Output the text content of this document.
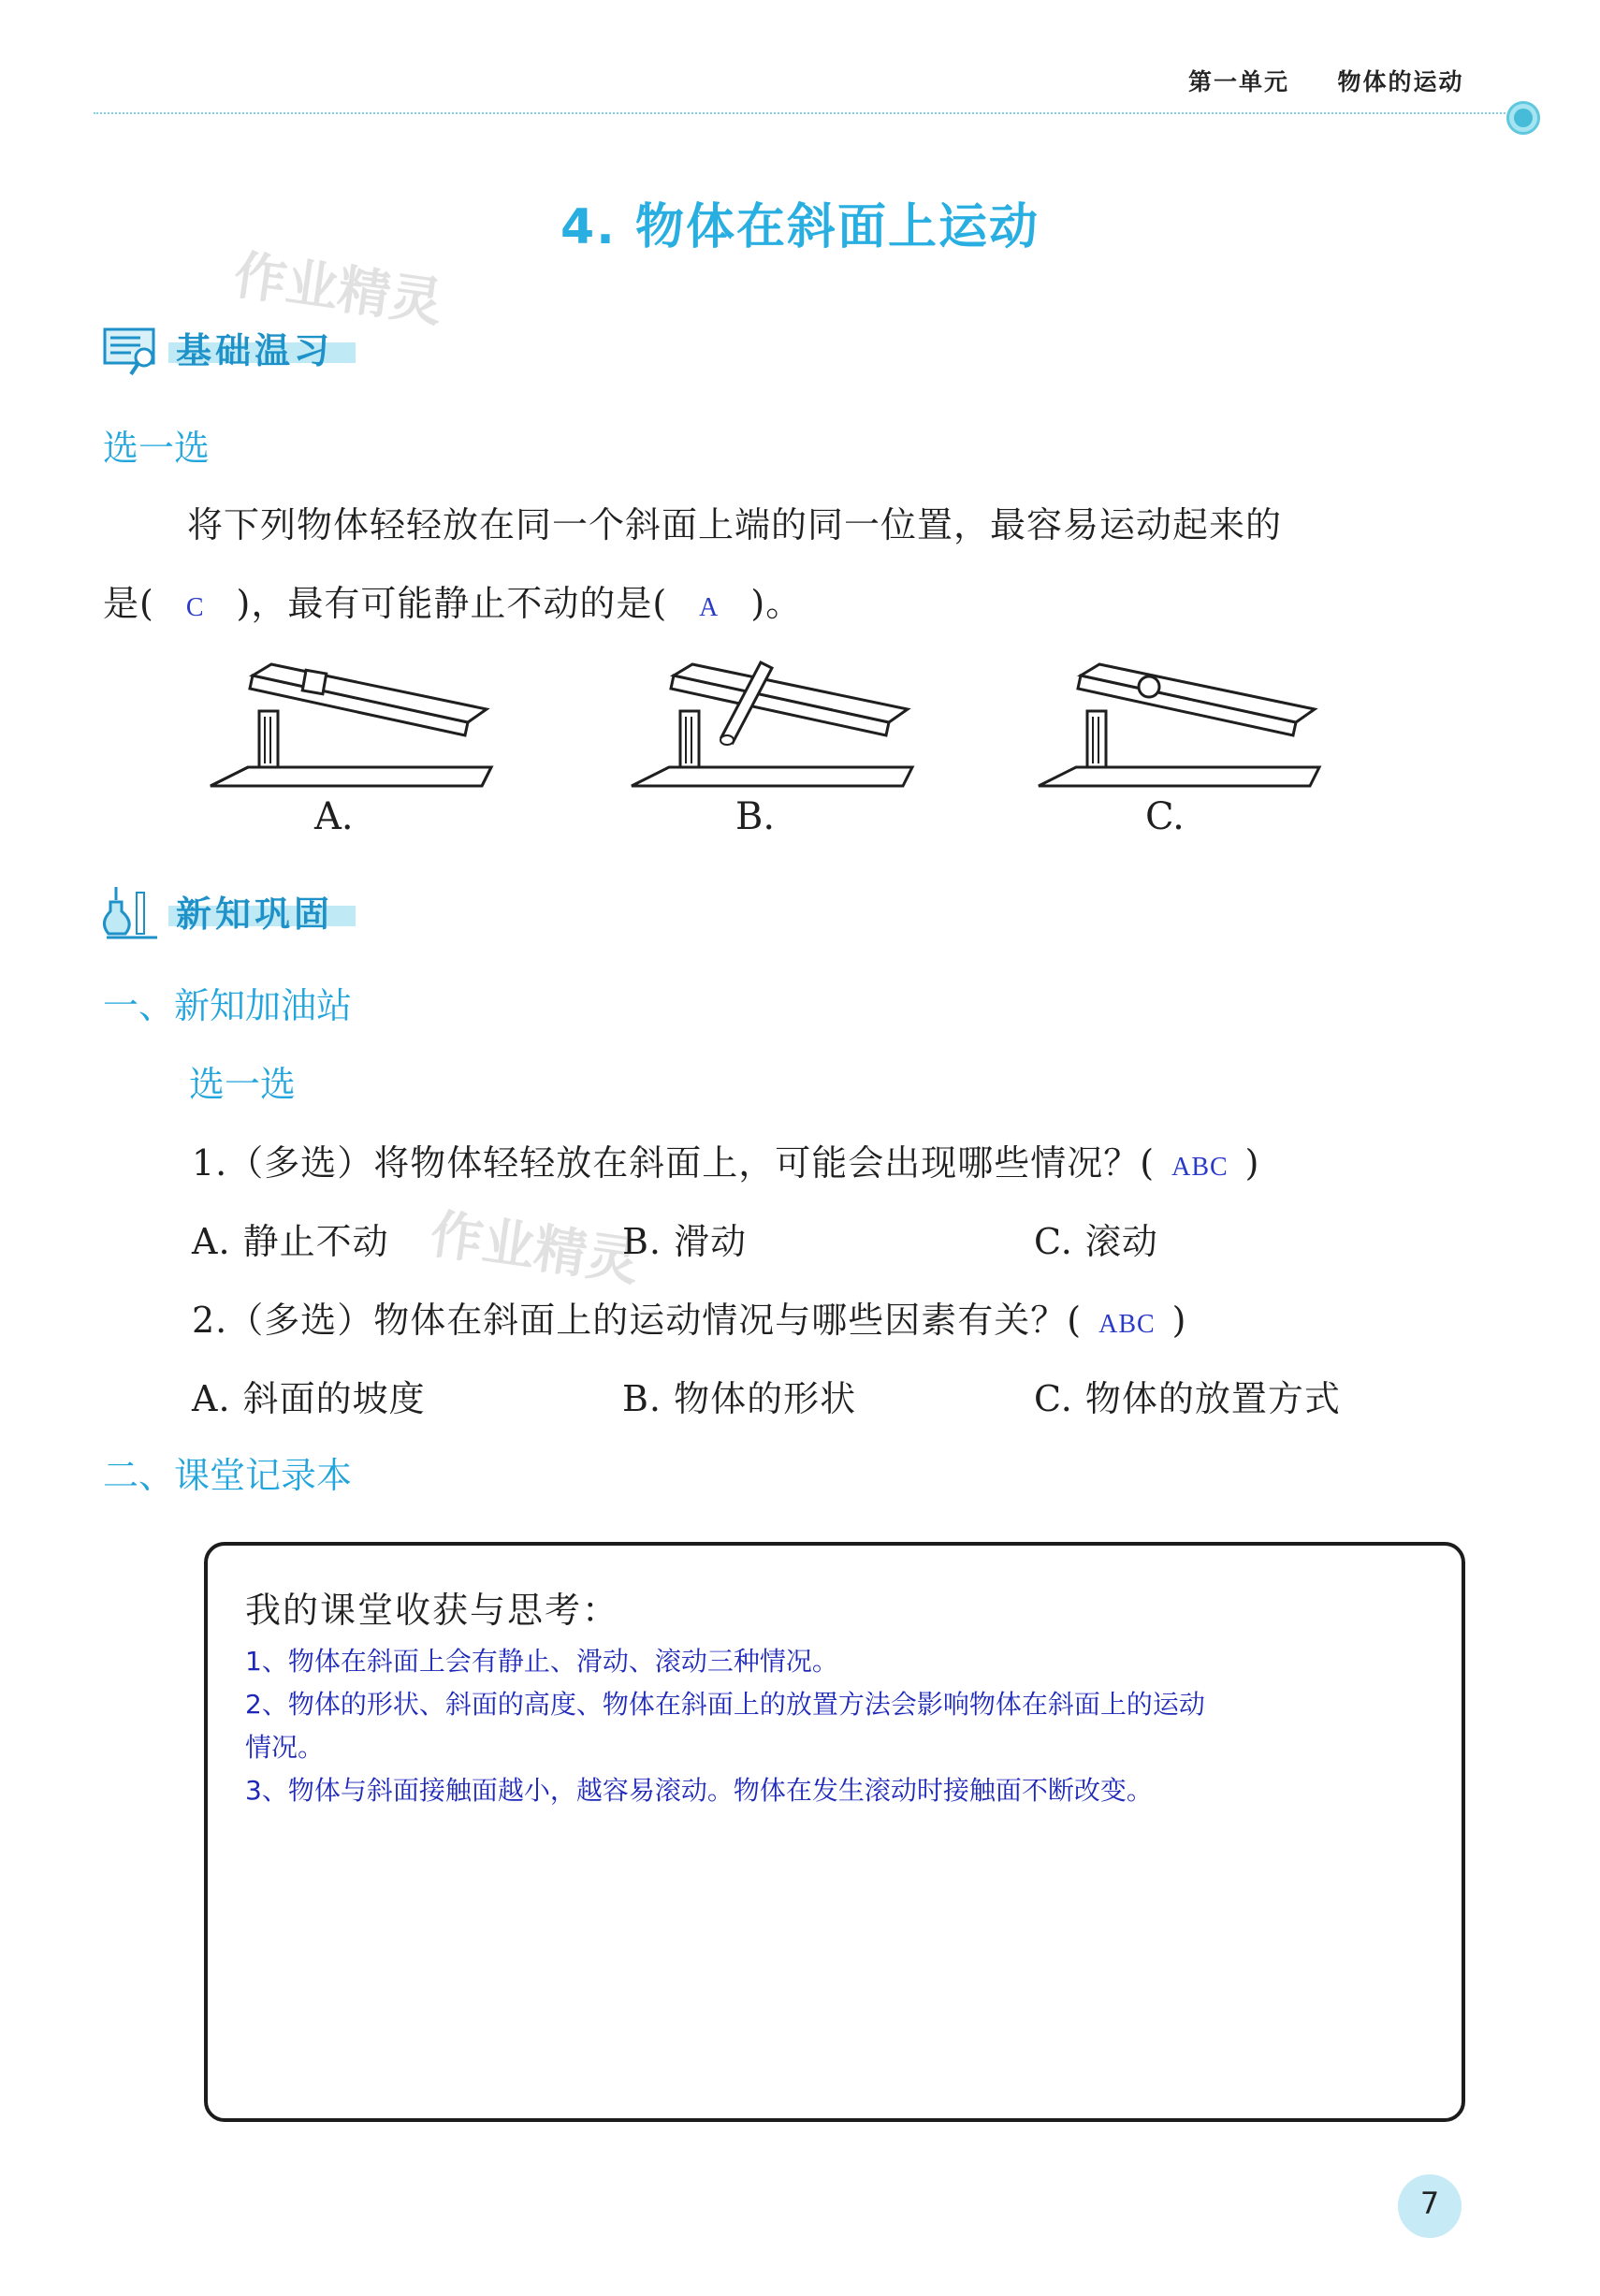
第一单元 物体的运动
4. 物体在斜面上运动
作业精灵
作业精灵
基础温习
选一选
将下列物体轻轻放在同一个斜面上端的同一位置，最容易运动起来的
是( C )，最有可能静止不动的是( A )。
A.	B.	C.
新知巩固
一、新知加油站
选一选
1.（多选）将物体轻轻放在斜面上，可能会出现哪些情况？( ABC )
A. 静止不动	B. 滑动	C. 滚动
2.（多选）物体在斜面上的运动情况与哪些因素有关？( ABC )
A. 斜面的坡度	B. 物体的形状	C. 物体的放置方式
二、课堂记录本
我的课堂收获与思考：
1、物体在斜面上会有静止、滑动、滚动三种情况。
2、物体的形状、斜面的高度、物体在斜面上的放置方法会影响物体在斜面上的运动
情况。
3、物体与斜面接触面越小，越容易滚动。物体在发生滚动时接触面不断改变。
7
